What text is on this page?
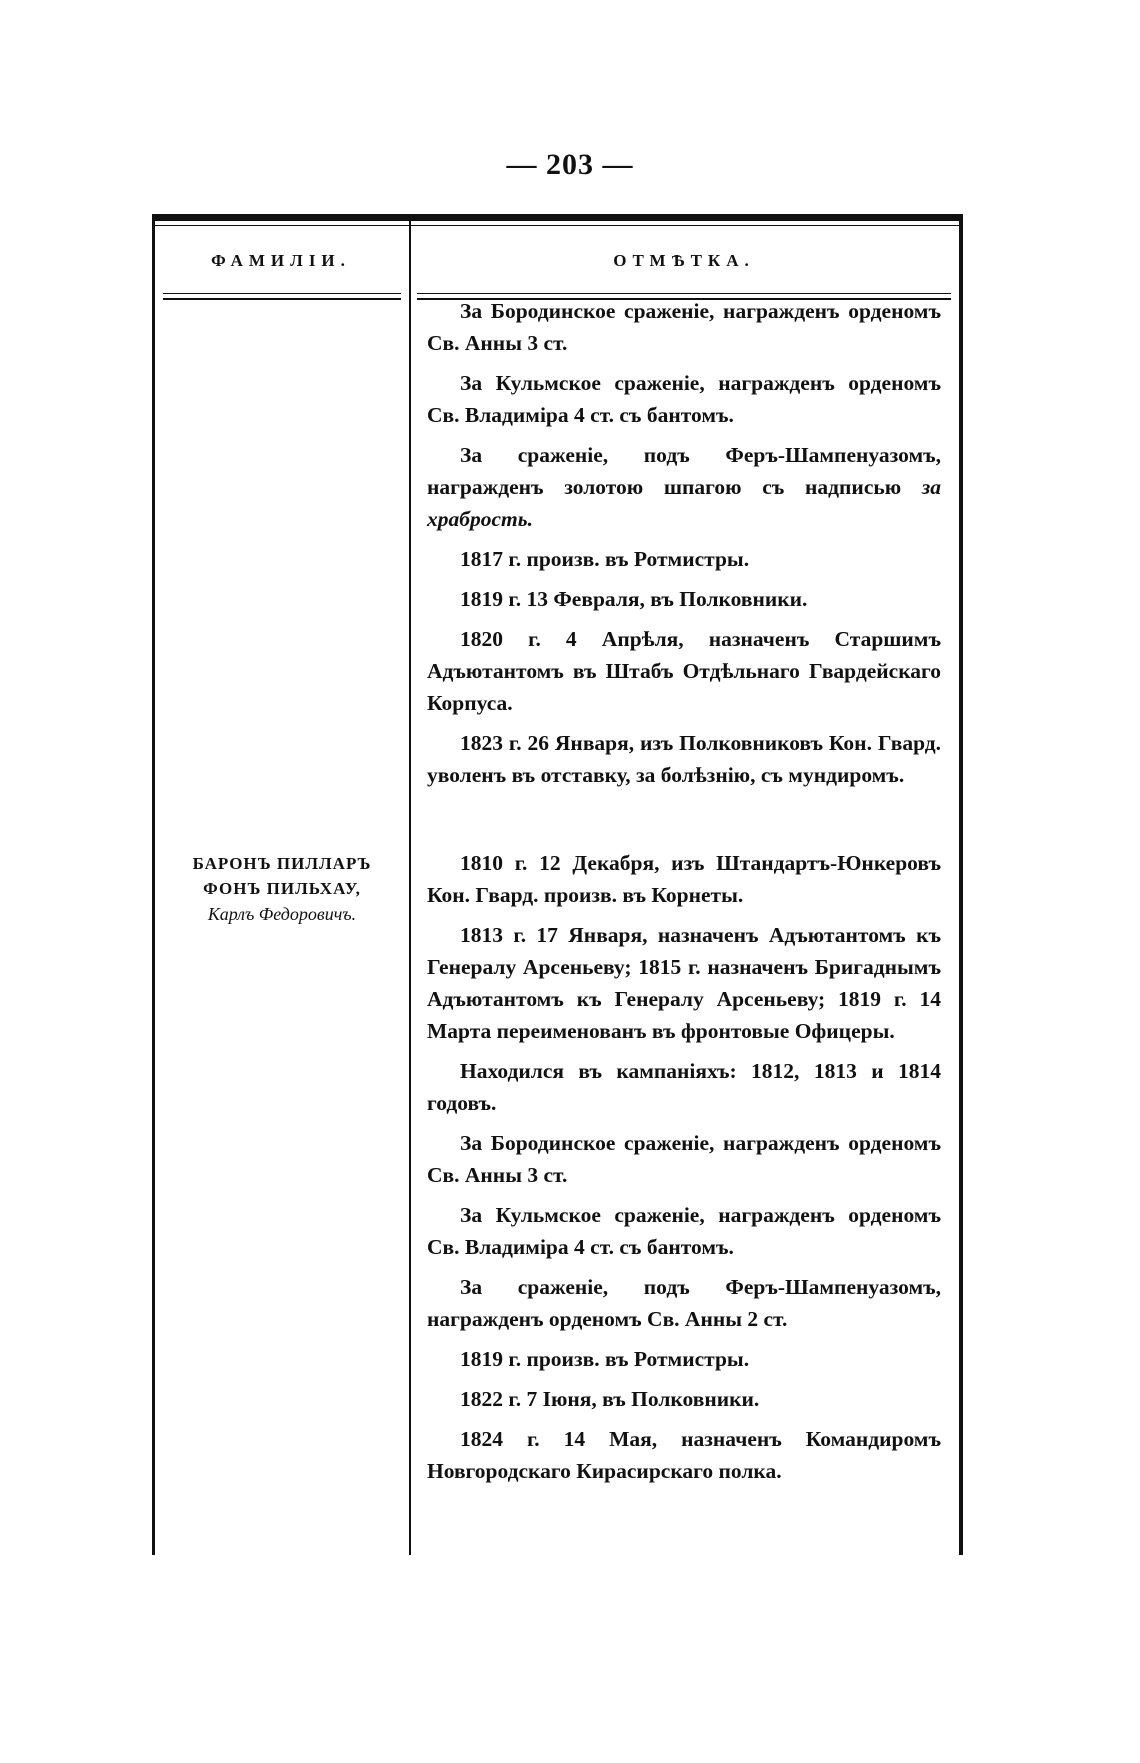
— 203 —
ФАМИЛІИ.	ОТМѢТКА.

За Бородинское сраженіе, награжденъ орденомъ Св. Анны 3 ст.

За Кульмское сраженіе, награжденъ орденомъ Св. Владиміра 4 ст. съ бантомъ.

За сраженіе, подъ Феръ-Шампенуазомъ, награжденъ золотою шпагою съ надписью за храбрость.

1817 г. произв. въ Ротмистры.

1819 г. 13 Февраля, въ Полковники.

1820 г. 4 Апрѣля, назначенъ Старшимъ Адъютантомъ въ Штабъ Отдѣльнаго Гвардейскаго Корпуса.

1823 г. 26 Января, изъ Полковниковъ Кон. Гвард. уволенъ въ отставку, за болѣзнію, съ мундиромъ.

БАРОНЪ ПИЛЛАРЪ
ФОНЪ ПИЛЬХАУ,
Карлъ Федоровичъ.

1810 г. 12 Декабря, изъ Штандартъ-Юнкеровъ Кон. Гвард. произв. въ Корнеты.

1813 г. 17 Января, назначенъ Адъютантомъ къ Генералу Арсеньеву; 1815 г. назначенъ Бригаднымъ Адъютантомъ къ Генералу Арсеньеву; 1819 г. 14 Марта переименованъ въ фронтовые Офицеры.

Находился въ кампаніяхъ: 1812, 1813 и 1814 годовъ.

За Бородинское сраженіе, награжденъ орденомъ Св. Анны 3 ст.

За Кульмское сраженіе, награжденъ орденомъ Св. Владиміра 4 ст. съ бантомъ.

За сраженіе, подъ Феръ-Шампенуазомъ, награжденъ орденомъ Св. Анны 2 ст.

1819 г. произв. въ Ротмистры.

1822 г. 7 Іюня, въ Полковники.

1824 г. 14 Мая, назначенъ Командиромъ Новгородскаго Кирасирскаго полка.
